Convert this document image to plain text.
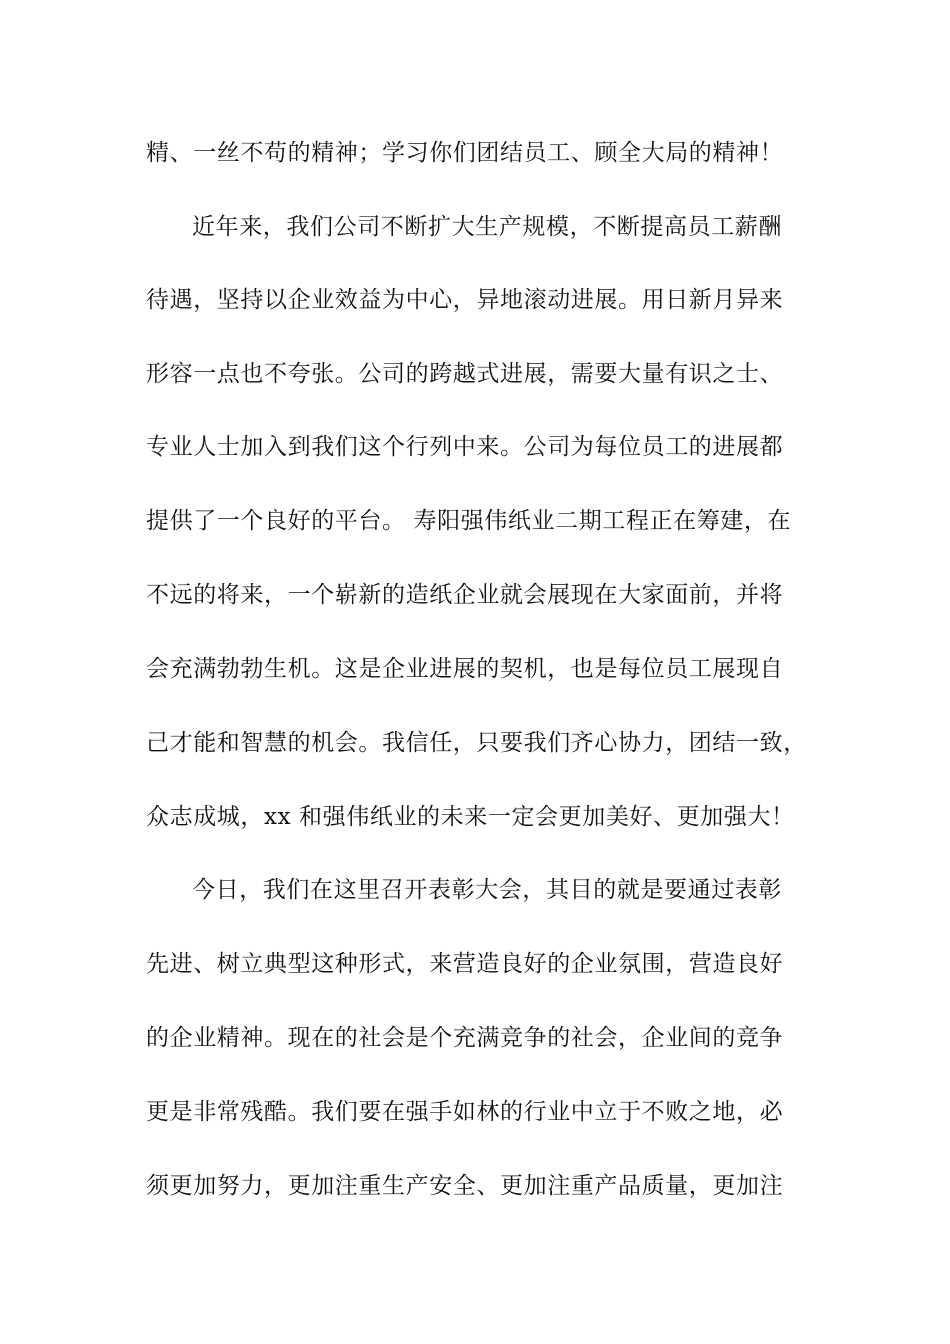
精、一丝不苟的精神；学习你们团结员工、顾全大局的精神！
近年来，我们公司不断扩大生产规模，不断提高员工薪酬
待遇，坚持以企业效益为中心，异地滚动进展。用日新月异来
形容一点也不夸张。公司的跨越式进展，需要大量有识之士、
专业人士加入到我们这个行列中来。公司为每位员工的进展都
提供了一个良好的平台。 寿阳强伟纸业二期工程正在筹建，在
不远的将来，一个崭新的造纸企业就会展现在大家面前，并将
会充满勃勃生机。这是企业进展的契机，也是每位员工展现自
己才能和智慧的机会。我信任，只要我们齐心协力，团结一致，
众志成城，xx 和强伟纸业的未来一定会更加美好、更加强大！
今日，我们在这里召开表彰大会，其目的就是要通过表彰
先进、树立典型这种形式，来营造良好的企业氛围，营造良好
的企业精神。现在的社会是个充满竞争的社会，企业间的竞争
更是非常残酷。我们要在强手如林的行业中立于不败之地，必
须更加努力，更加注重生产安全、更加注重产品质量，更加注
